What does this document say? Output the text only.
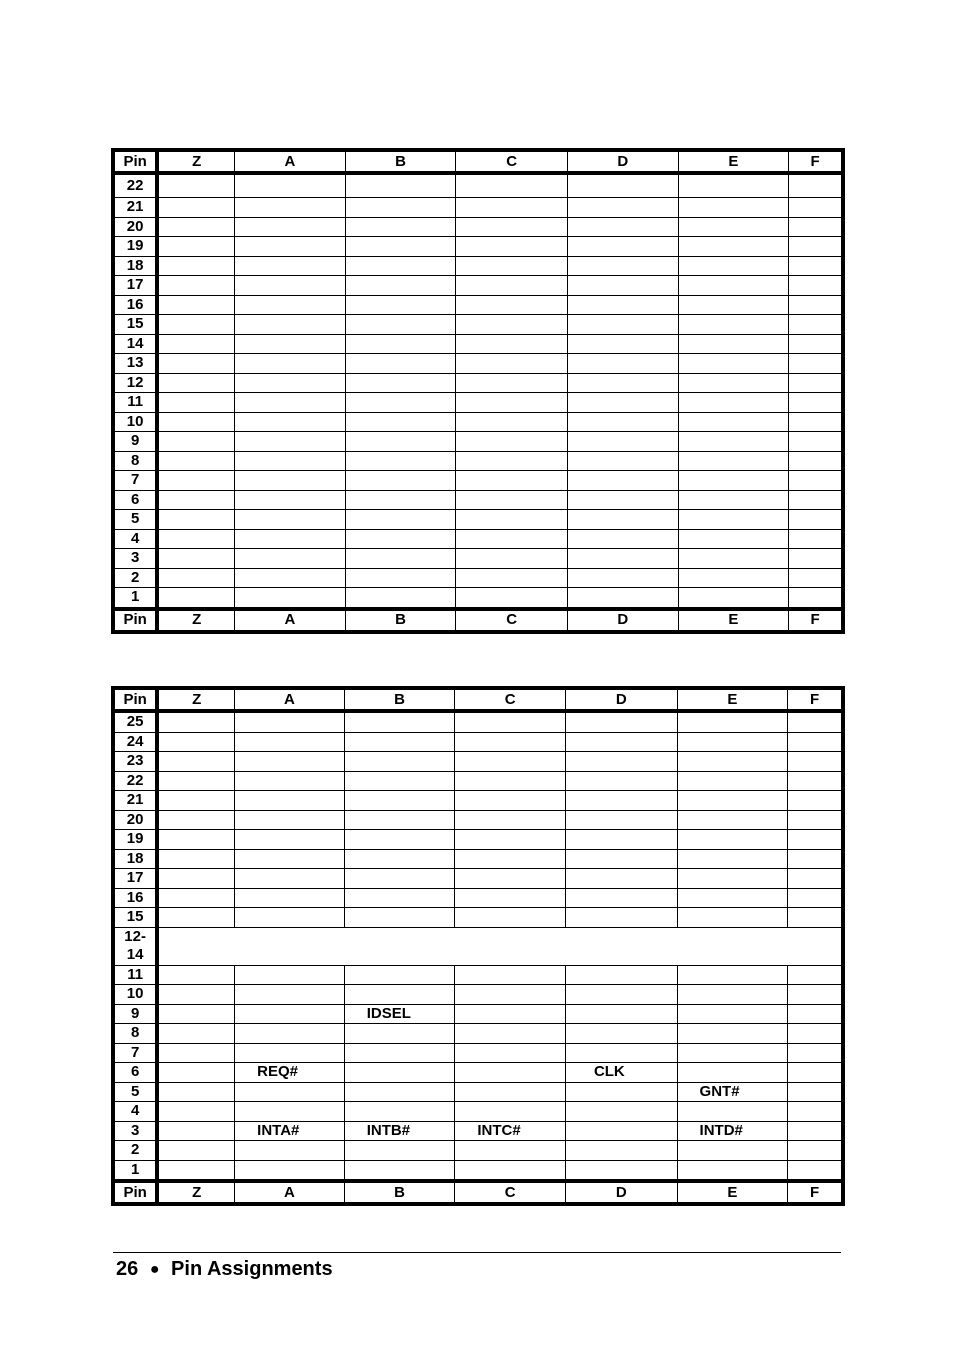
Pin	Z	A	B	C	D	E	F
22							
21							
20							
19							
18							
17							
16							
15							
14							
13							
12							
11							
10							
9							
8							
7							
6							
5							
4							
3							
2							
1							
Pin	Z	A	B	C	D	E	F
Pin	Z	A	B	C	D	E	F
25							
24							
23							
22							
21							
20							
19							
18							
17							
16							
15							
12-
14							
11							
10							
9			IDSEL				
8							
7							
6		REQ#			CLK		
5						GNT#	
4							
3		INTA#	INTB#	INTC#		INTD#	
2							
1							
Pin	Z	A	B	C	D	E	F
26 ● Pin Assignments
